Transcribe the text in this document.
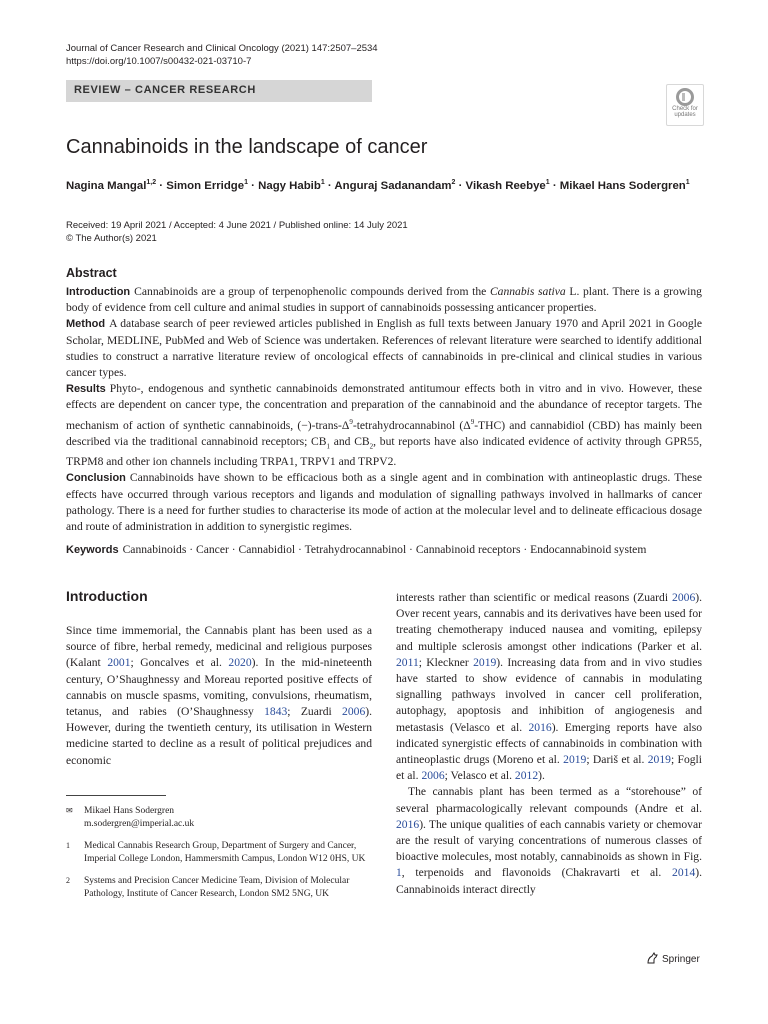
Journal of Cancer Research and Clinical Oncology (2021) 147:2507–2534
https://doi.org/10.1007/s00432-021-03710-7
REVIEW – CANCER RESEARCH
Check for updates
Cannabinoids in the landscape of cancer
Nagina Mangal$^{1,2}$ · Simon Erridge$^1$ · Nagy Habib$^1$ · Anguraj Sadanandam$^2$ · Vikash Reebye$^1$ · Mikael Hans Sodergren$^1$
Received: 19 April 2021 / Accepted: 4 June 2021 / Published online: 14 July 2021
© The Author(s) 2021
Abstract

Introduction Cannabinoids are a group of terpenophenolic compounds derived from the Cannabis sativa L. plant. There is a growing body of evidence from cell culture and animal studies in support of cannabinoids possessing anticancer properties.

Method A database search of peer reviewed articles published in English as full texts between January 1970 and April 2021 in Google Scholar, MEDLINE, PubMed and Web of Science was undertaken. References of relevant literature were searched to identify additional studies to construct a narrative literature review of oncological effects of cannabinoids in pre-clinical and clinical studies in various cancer types.

Results Phyto-, endogenous and synthetic cannabinoids demonstrated antitumour effects both in vitro and in vivo. However, these effects are dependent on cancer type, the concentration and preparation of the cannabinoid and the abundance of receptor targets. The mechanism of action of synthetic cannabinoids, $(-)-trans-\Delta^9$-tetrahydrocannabinol $(\Delta^9-THC)$ and cannabidiol (CBD) has mainly been described via the traditional cannabinoid receptors; $CB_1$ and $CB_2$, but reports have also indicated evidence of activity through GPR55, TRPM8 and other ion channels including TRPA1, TRPV1 and TRPV2.

Conclusion Cannabinoids have shown to be efficacious both as a single agent and in combination with antineoplastic drugs. These effects have occurred through various receptors and ligands and modulation of signalling pathways involved in hallmarks of cancer pathology. There is a need for further studies to characterise its mode of action at the molecular level and to delineate efficacious dosage and route of administration in addition to synergistic regimes.

Keywords Cannabinoids · Cancer · Cannabidiol · Tetrahydrocannabinol · Cannabinoid receptors · Endocannabinoid system
Introduction

Since time immemorial, the Cannabis plant has been used as a source of fibre, herbal remedy, medicinal and religious purposes (Kalant 2001; Goncalves et al. 2020). In the mid-nineteenth century, O’Shaughnessy and Moreau reported positive effects of cannabis on muscle spasms, vomiting, convulsions, rheumatism, tetanus, and rabies (O’Shaughnessy 1843; Zuardi 2006). However, during the twentieth century, its utilisation in Western medicine started to decline as a result of political prejudices and economic

interests rather than scientific or medical reasons (Zuardi 2006). Over recent years, cannabis and its derivatives have been used for treating chemotherapy induced nausea and vomiting, epilepsy and multiple sclerosis amongst other indications (Parker et al. 2011; Kleckner 2019). Increasing data from and in vivo studies have started to show evidence of cannabis in modulating signalling pathways involved in cancer cell proliferation, autophagy, apoptosis and inhibition of angiogenesis and metastasis (Velasco et al. 2016). Emerging reports have also indicated synergistic effects of cannabinoids in combination with antineoplastic drugs (Moreno et al. 2019; Dariš et al. 2019; Fogli et al. 2006; Velasco et al. 2012).

The cannabis plant has been termed as a “storehouse” of several pharmacologically relevant compounds (Andre et al. 2016). The unique qualities of each cannabis variety or chemovar are the result of varying concentrations of numerous classes of bioactive molecules, most notably, cannabinoids as shown in Fig. 1, terpenoids and flavonoids (Chakravarti et al. 2014). Cannabinoids interact directly

✉ Mikael Hans Sodergren
m.sodergren@imperial.ac.uk
1 Medical Cannabis Research Group, Department of Surgery and Cancer, Imperial College London, Hammersmith Campus, London W12 0HS, UK
2 Systems and Precision Cancer Medicine Team, Division of Molecular Pathology, Institute of Cancer Research, London SM2 5NG, UK
Springer
